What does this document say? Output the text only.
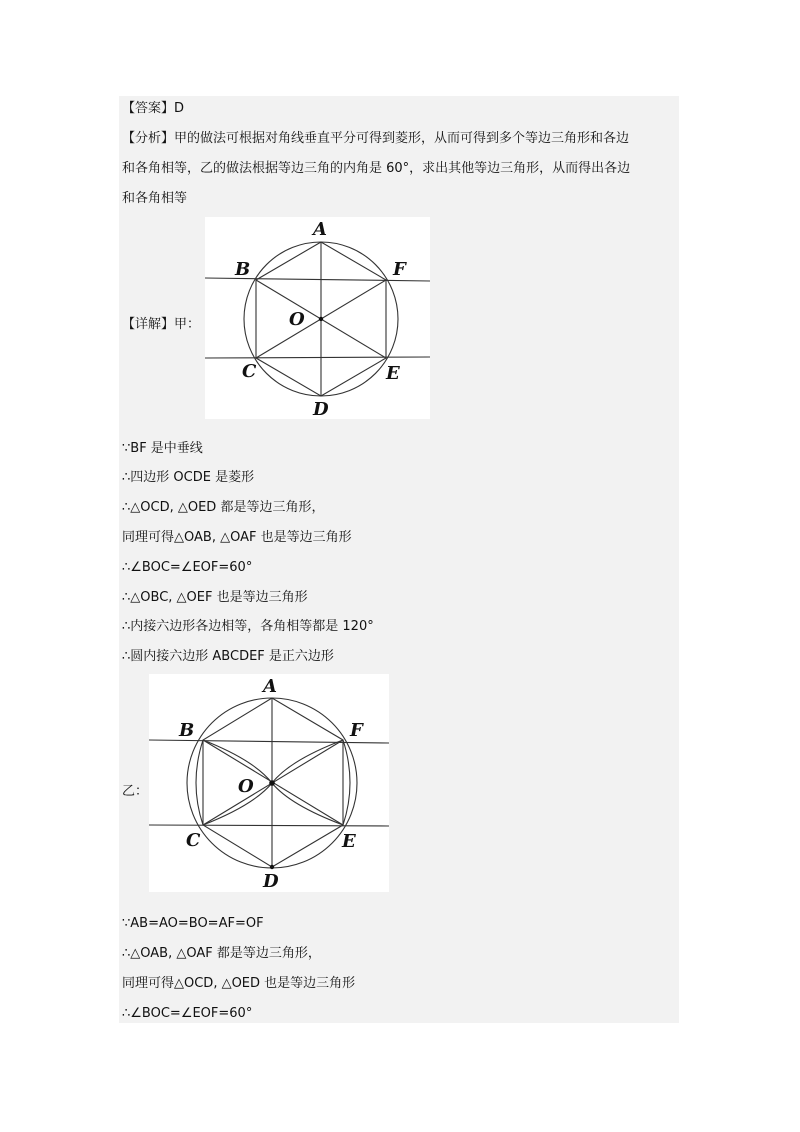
【答案】D
【分析】甲的做法可根据对角线垂直平分可得到菱形，从而可得到多个等边三角形和各边
和各角相等，乙的做法根据等边三角的内角是 60°，求出其他等边三角形，从而得出各边
和各角相等
【详解】甲：
A
B	F
O
C	E
D
∵BF 是中垂线
∴四边形 OCDE 是菱形
∴△OCD, △OED 都是等边三角形，
同理可得△OAB, △OAF 也是等边三角形
∴∠BOC=∠EOF=60°
∴△OBC, △OEF 也是等边三角形
∴内接六边形各边相等，各角相等都是 120°
∴圆内接六边形 ABCDEF 是正六边形
乙：
A
B	F
O
C	E
D
∵AB=AO=BO=AF=OF
∴△OAB, △OAF 都是等边三角形，
同理可得△OCD, △OED 也是等边三角形
∴∠BOC=∠EOF=60°
